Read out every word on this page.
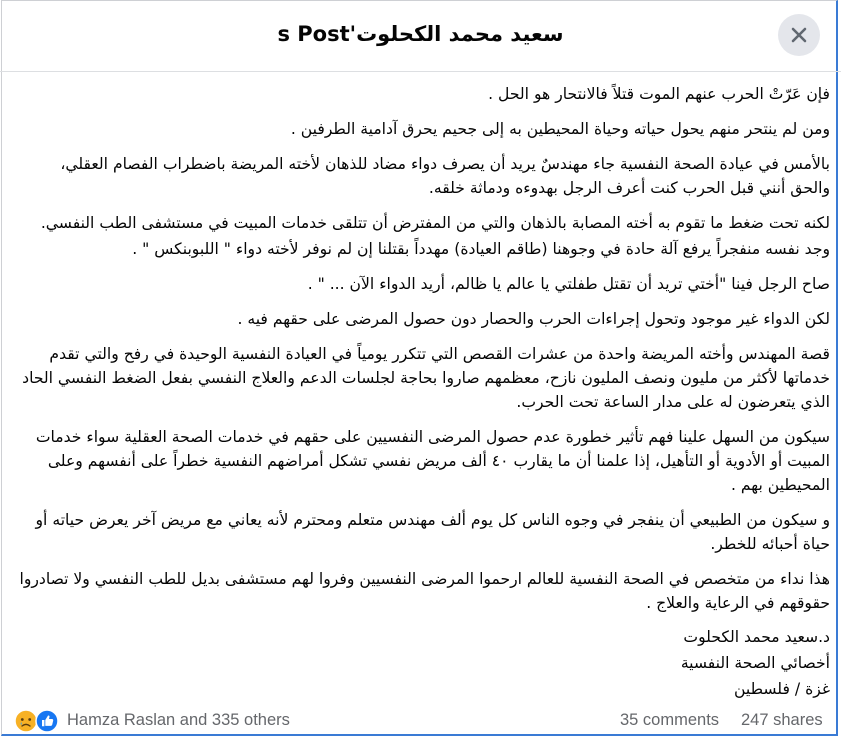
سعيد محمد الكحلوت's Post

فإن عَرّتْ الحرب عنهم الموت قتلاً فالانتحار هو الحل .

ومن لم ينتحر منهم يحول حياته وحياة المحيطين به إلى جحيم يحرق آدامية الطرفين .

بالأمس في عيادة الصحة النفسية جاء مهندسٌ يريد أن يصرف دواء مضاد للذهان لأخته المريضة باضطراب الفصام العقلي، والحق أنني قبل الحرب كنت أعرف الرجل بهدوءه ودماثة خلقه.

لكنه تحت ضغط ما تقوم به أخته المصابة بالذهان والتي من المفترض أن تتلقى خدمات المبيت في مستشفى الطب النفسي.

وجد نفسه منفجراً يرفع آلة حادة في وجوهنا (طاقم العيادة) مهدداً بقتلنا إن لم نوفر لأخته دواء " اللبوبنكس " .

صاح الرجل فينا "أختي تريد أن تقتل طفلتي يا عالم يا ظالم، أريد الدواء الآن ... " .

لكن الدواء غير موجود وتحول إجراءات الحرب والحصار دون حصول المرضى على حقهم فيه .

قصة المهندس وأخته المريضة واحدة من عشرات القصص التي تتكرر يومياً في العيادة النفسية الوحيدة في رفح والتي تقدم خدماتها لأكثر من مليون ونصف المليون نازح، معظمهم صاروا بحاجة لجلسات الدعم والعلاج النفسي بفعل الضغط النفسي الحاد الذي يتعرضون له على مدار الساعة تحت الحرب.

سيكون من السهل علينا فهم تأثير خطورة عدم حصول المرضى النفسيين على حقهم في خدمات الصحة العقلية سواء خدمات المبيت أو الأدوية أو التأهيل، إذا علمنا أن ما يقارب ٤٠ ألف مريض نفسي تشكل أمراضهم النفسية خطراً على أنفسهم وعلى المحيطين بهم .

و سيكون من الطبيعي أن ينفجر في وجوه الناس كل يوم ألف مهندس متعلم ومحترم لأنه يعاني مع مريض آخر يعرض حياته أو حياة أحبائه للخطر.

هذا نداء من متخصص في الصحة النفسية للعالم ارحموا المرضى النفسيين وفروا لهم مستشفى بديل للطب النفسي ولا تصادروا حقوقهم في الرعاية والعلاج .

د.سعيد محمد الكحلوت
أخصائي الصحة النفسية
غزة / فلسطين
Hamza Raslan and 335 others	35 comments 247 shares
